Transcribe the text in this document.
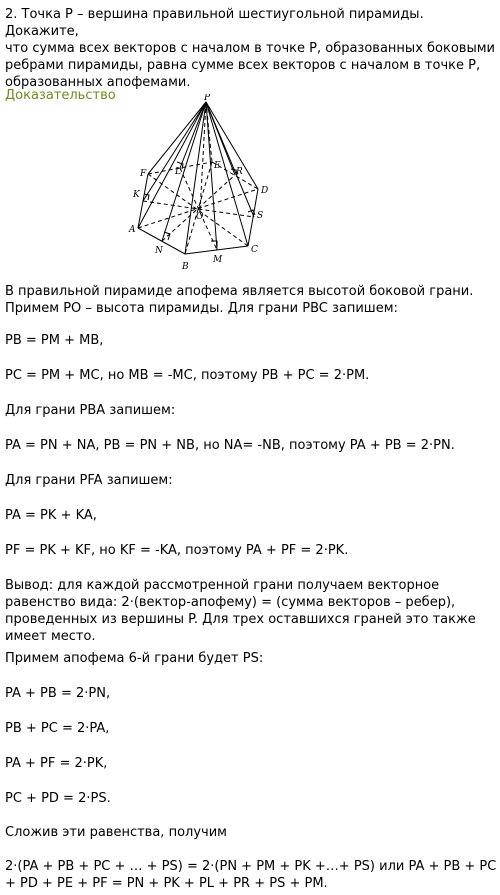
2. Точка P – вершина правильной шестиугольной пирамиды. Докажите,
что сумма всех векторов с началом в точке P, образованных боковыми
ребрами пирамиды, равна сумме всех векторов с началом в точке P,
образованных апофемами.
Доказательство	P
F	L
E
R
D
K
O	S
A
N
M
C
B
В правильной пирамиде апофема является высотой боковой грани.
Примем PO – высота пирамиды. Для грани PBC запишем:
PB = PM + MB,
PC = PM + MC, но MB = -MC, поэтому PB + PC = 2·PM.
Для грани PBA запишем:
PA = PN + NA, PB = PN + NB, но NA= -NB, поэтому PA + PB = 2·PN.
Для грани PFA запишем:
PA = PK + KA,
PF = PK + KF, но KF = -KA, поэтому PA + PF = 2·PK.
Вывод: для каждой рассмотренной грани получаем векторное
равенство вида: 2·(вектор-апофему) = (сумма векторов – ребер),
проведенных из вершины P. Для трех оставшихся граней это также
имеет место.
Примем апофема 6-й грани будет PS:
PA + PB = 2·PN,
PB + PC = 2·PA,
PA + PF = 2·PK,
PC + PD = 2·PS.
Сложив эти равенства, получим
2·(PA + PB + PC + … + PS) = 2·(PN + PM + PK +…+ PS) или PA + PB + PC
+ PD + PE + PF = PN + PK + PL + PR + PS + PM.
